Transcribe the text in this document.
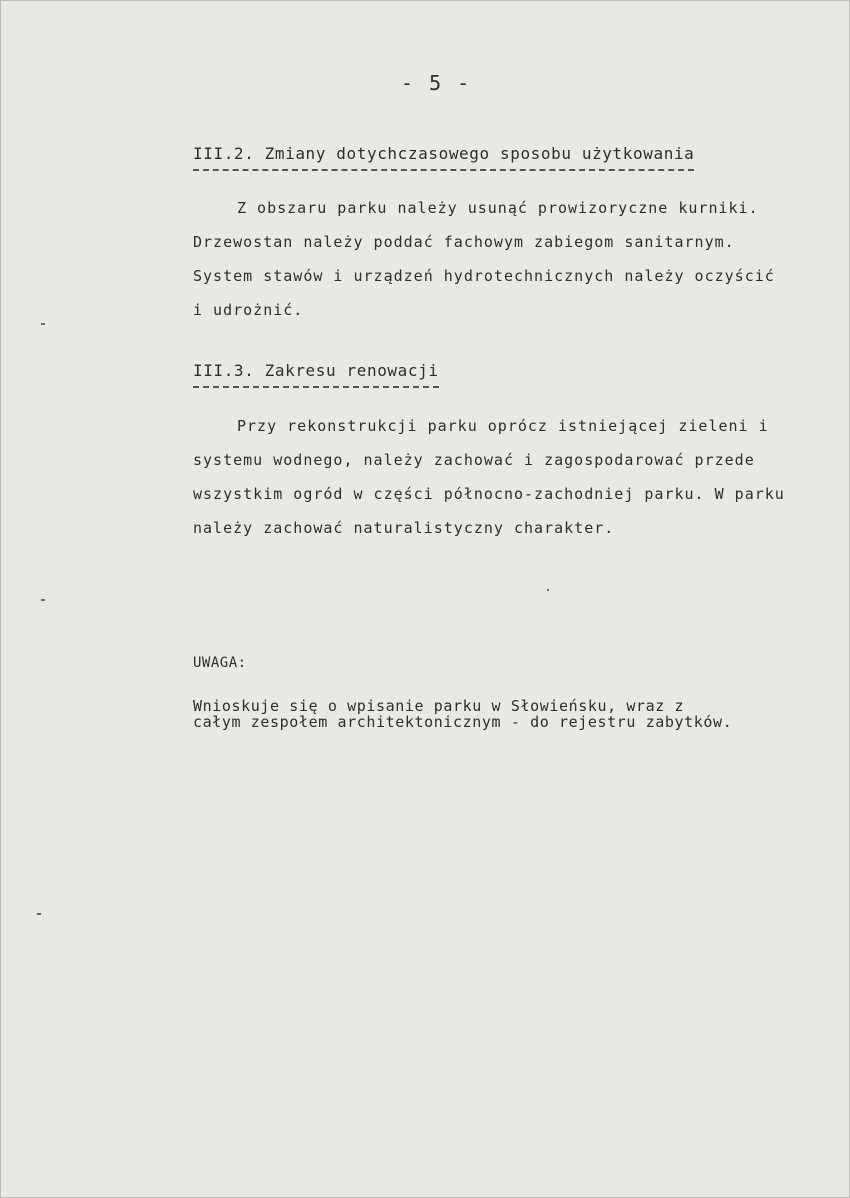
- 5 -
III.2. Zmiany dotychczasowego sposobu użytkowania

Z obszaru parku należy usunąć prowizoryczne kurniki. Drzewostan należy poddać fachowym zabiegom sanitarnym. System stawów i urządzeń hydrotechnicznych należy oczyścić i udrożnić.

III.3. Zakresu renowacji

Przy rekonstrukcji parku oprócz istniejącej zieleni i systemu wodnego, należy zachować i zagospodarować przede wszystkim ogród w części północno-zachodniej parku. W parku należy zachować naturalistyczny charakter.

UWAGA:

Wnioskuje się o wpisanie parku w Słowieńsku, wraz z całym zespołem architektonicznym - do rejestru zabytków.
